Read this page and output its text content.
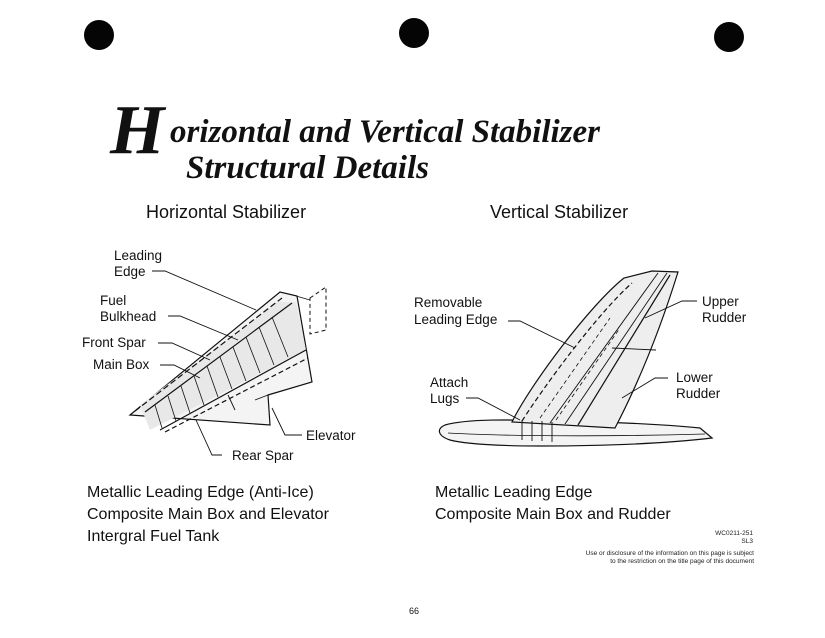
H orizontal and Vertical Stabilizer
Structural Details
Horizontal Stabilizer	Vertical Stabilizer
Leading
Edge
Fuel
Bulkhead
Front Spar
Main Box
Elevator
Rear Spar
Removable
Leading Edge
Upper
Rudder
Lower
Rudder
Attach
Lugs
Metallic Leading Edge (Anti-Ice)
Composite Main Box and Elevator
Intergral Fuel Tank
Metallic Leading Edge
Composite Main Box and Rudder
WC0211-251
SL3
Use or disclosure of the information on this page is subject
to the restriction on the title page of this document
66
